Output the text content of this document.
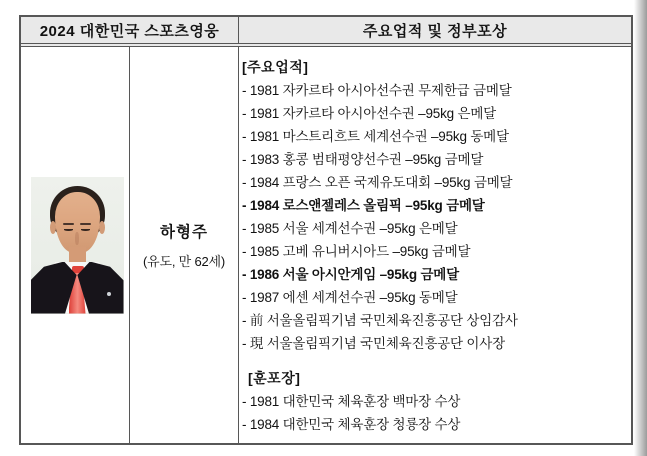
2024 대한민국 스포츠영웅	주요업적 및 정부포상
하형주
(유도, 만 62세)
[주요업적]
- 1981 자카르타 아시아선수권 무제한급 금메달
- 1981 자카르타 아시아선수권 –95kg 은메달
- 1981 마스트리흐트 세계선수권 –95kg 동메달
- 1983 홍콩 범태평양선수권 –95kg 금메달
- 1984 프랑스 오픈 국제유도대회 –95kg 금메달
- 1984 로스앤젤레스 올림픽 –95kg 금메달
- 1985 서울 세계선수권 –95kg 은메달
- 1985 고베 유니버시아드 –95kg 금메달
- 1986 서울 아시안게임 –95kg 금메달
- 1987 에센 세계선수권 –95kg 동메달
- 前 서울올림픽기념 국민체육진흥공단 상임감사
- 現 서울올림픽기념 국민체육진흥공단 이사장
[훈포장]
- 1981 대한민국 체육훈장 백마장 수상
- 1984 대한민국 체육훈장 청룡장 수상
